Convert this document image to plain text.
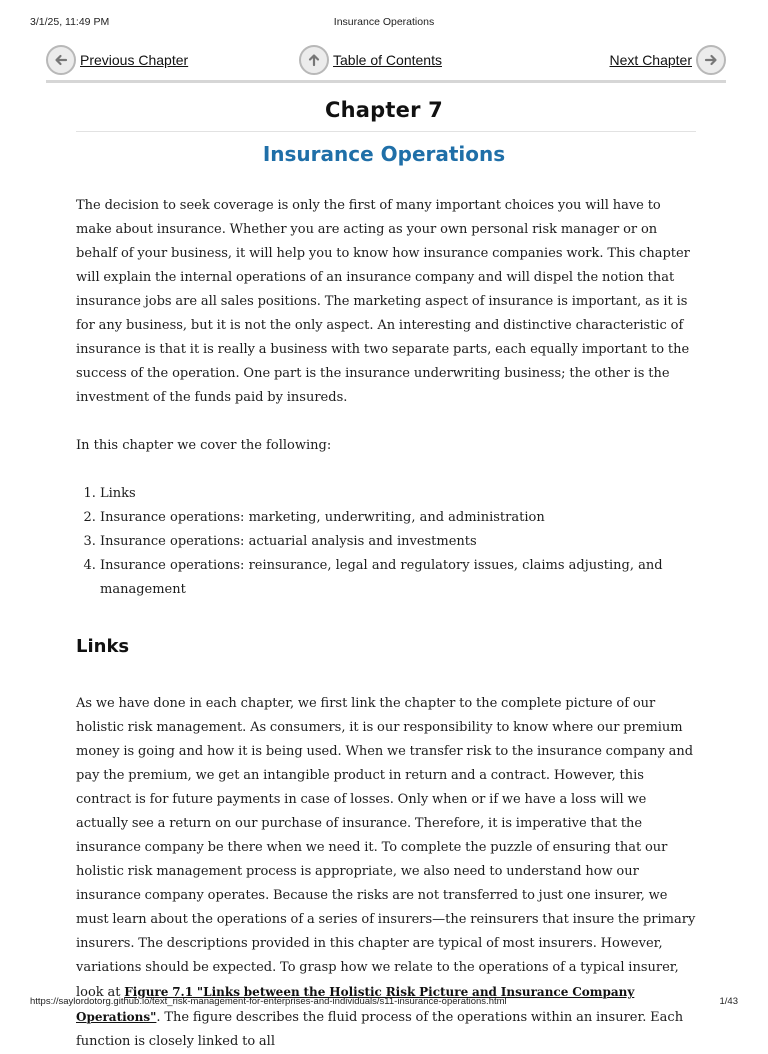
3/1/25, 11:49 PM	Insurance Operations
Previous Chapter	Table of Contents	Next Chapter
Chapter 7
Insurance Operations

The decision to seek coverage is only the first of many important choices you will have to make about insurance. Whether you are acting as your own personal risk manager or on behalf of your business, it will help you to know how insurance companies work. This chapter will explain the internal operations of an insurance company and will dispel the notion that insurance jobs are all sales positions. The marketing aspect of insurance is important, as it is for any business, but it is not the only aspect. An interesting and distinctive characteristic of insurance is that it is really a business with two separate parts, each equally important to the success of the operation. One part is the insurance underwriting business; the other is the investment of the funds paid by insureds.

In this chapter we cover the following:

1. Links
2. Insurance operations: marketing, underwriting, and administration
3. Insurance operations: actuarial analysis and investments
4. Insurance operations: reinsurance, legal and regulatory issues, claims adjusting, and management
Links

As we have done in each chapter, we first link the chapter to the complete picture of our holistic risk management. As consumers, it is our responsibility to know where our premium money is going and how it is being used. When we transfer risk to the insurance company and pay the premium, we get an intangible product in return and a contract. However, this contract is for future payments in case of losses. Only when or if we have a loss will we actually see a return on our purchase of insurance. Therefore, it is imperative that the insurance company be there when we need it. To complete the puzzle of ensuring that our holistic risk management process is appropriate, we also need to understand how our insurance company operates. Because the risks are not transferred to just one insurer, we must learn about the operations of a series of insurers—the reinsurers that insure the primary insurers. The descriptions provided in this chapter are typical of most insurers. However, variations should be expected. To grasp how we relate to the operations of a typical insurer, look at Figure 7.1 "Links between the Holistic Risk Picture and Insurance Company Operations". The figure describes the fluid process of the operations within an insurer. Each function is closely linked to all

https://saylordotorg.github.io/text_risk-management-for-enterprises-and-individuals/s11-insurance-operations.html	1/43
